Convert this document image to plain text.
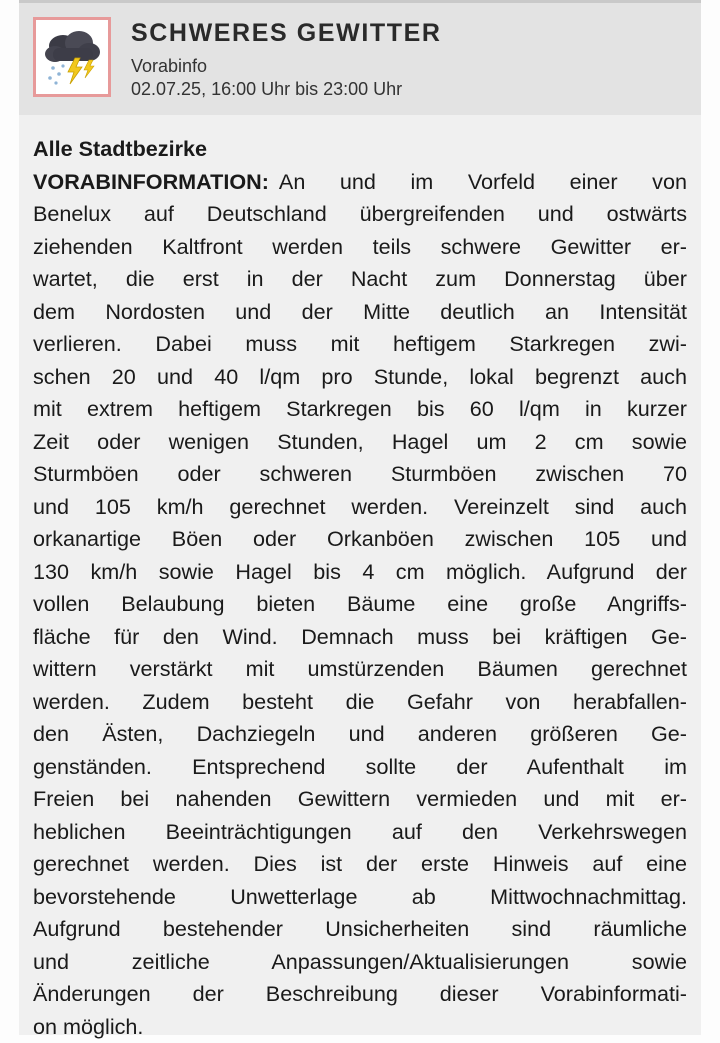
SCHWERES GEWITTER
Vorabinfo
02.07.25, 16:00 Uhr bis 23:00 Uhr
Alle Stadtbezirke
VORABINFORMATION: An und im Vorfeld einer von
Benelux auf Deutschland übergreifenden und ostwärts
ziehenden Kaltfront werden teils schwere Gewitter er-
wartet, die erst in der Nacht zum Donnerstag über
dem Nordosten und der Mitte deutlich an Intensität
verlieren. Dabei muss mit heftigem Starkregen zwi-
schen 20 und 40 l/qm pro Stunde, lokal begrenzt auch
mit extrem heftigem Starkregen bis 60 l/qm in kurzer
Zeit oder wenigen Stunden, Hagel um 2 cm sowie
Sturmböen oder schweren Sturmböen zwischen 70
und 105 km/h gerechnet werden. Vereinzelt sind auch
orkanartige Böen oder Orkanböen zwischen 105 und
130 km/h sowie Hagel bis 4 cm möglich. Aufgrund der
vollen Belaubung bieten Bäume eine große Angriffs-
fläche für den Wind. Demnach muss bei kräftigen Ge-
wittern verstärkt mit umstürzenden Bäumen gerechnet
werden. Zudem besteht die Gefahr von herabfallen-
den Ästen, Dachziegeln und anderen größeren Ge-
genständen. Entsprechend sollte der Aufenthalt im
Freien bei nahenden Gewittern vermieden und mit er-
heblichen Beeinträchtigungen auf den Verkehrswegen
gerechnet werden. Dies ist der erste Hinweis auf eine
bevorstehende Unwetterlage ab Mittwochnachmittag.
Aufgrund bestehender Unsicherheiten sind räumliche
und zeitliche Anpassungen/Aktualisierungen sowie
Änderungen der Beschreibung dieser Vorabinformati-
on möglich.
